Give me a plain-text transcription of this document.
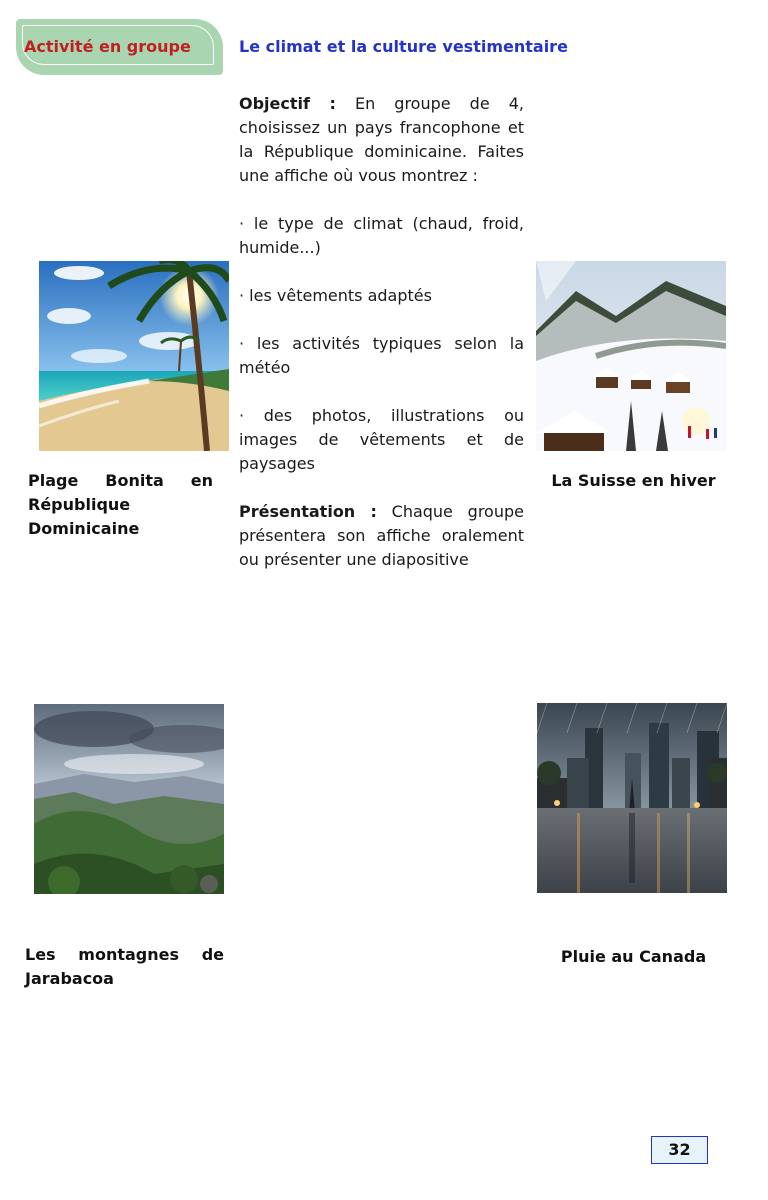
Activité en groupe	Le climat et la culture vestimentaire

Objectif : En groupe de 4, choisissez un pays francophone et la République dominicaine. Faites une affiche où vous montrez :

· le type de climat (chaud, froid, humide...)

· les vêtements adaptés

· les activités typiques selon la météo

· des photos, illustrations ou images de vêtements et de paysages

Présentation : Chaque groupe présentera son affiche oralement ou présenter une diapositive

Plage Bonita en République Dominicaine
La Suisse en hiver
Les montagnes de Jarabacoa
Pluie au Canada
32
